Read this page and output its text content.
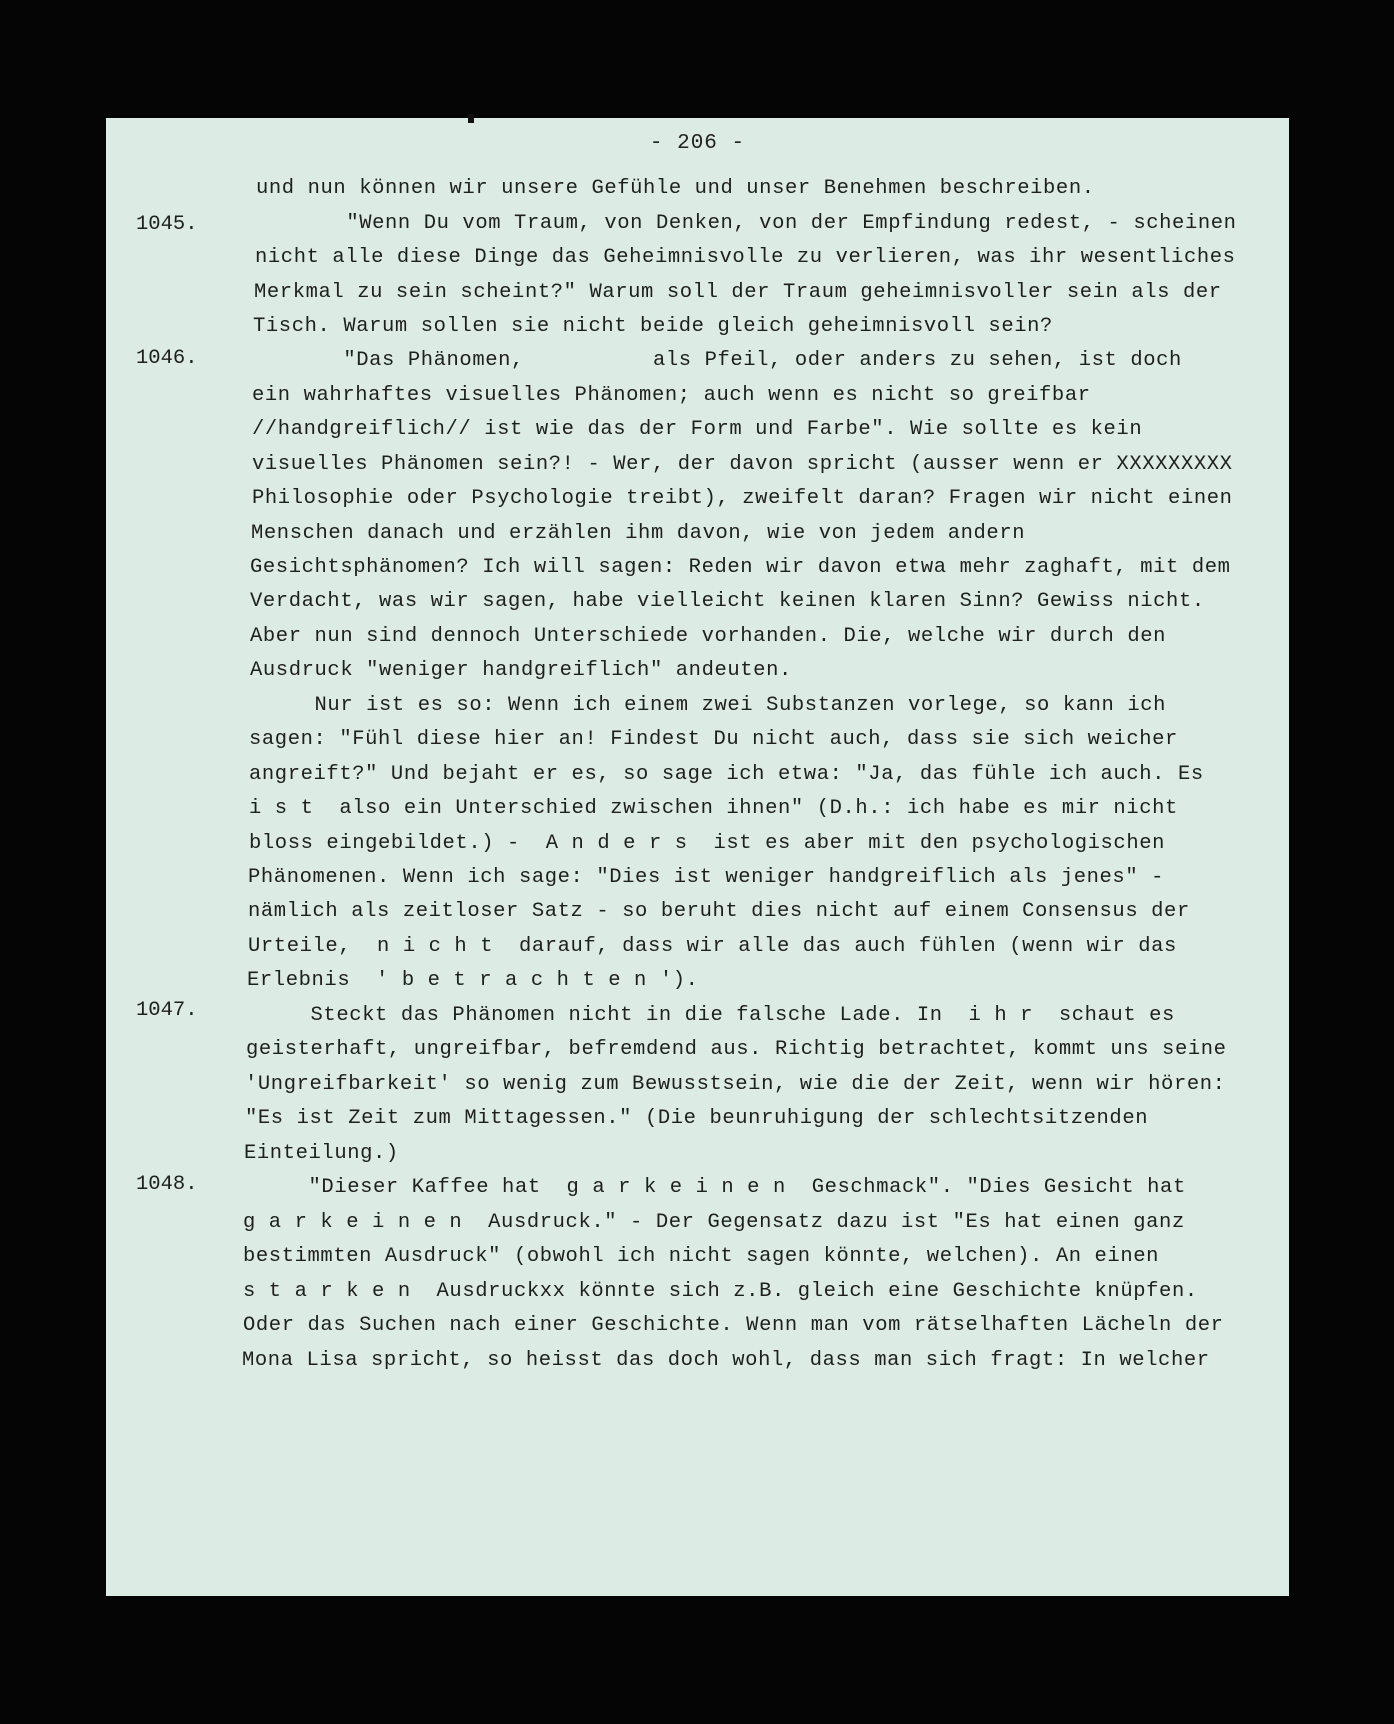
- 206 -
1045.
1046.
1047.
1048.
und nun können wir unsere Gefühle und unser Benehmen beschreiben.
"Wenn Du vom Traum, von Denken, von der Empfindung redest, - scheinen
nicht alle diese Dinge das Geheimnisvolle zu verlieren, was ihr wesentliches
Merkmal zu sein scheint?" Warum soll der Traum geheimnisvoller sein als der
Tisch. Warum sollen sie nicht beide gleich geheimnisvoll sein?
"Das Phänomen,          als Pfeil, oder anders zu sehen, ist doch
ein wahrhaftes visuelles Phänomen; auch wenn es nicht so greifbar
//handgreiflich// ist wie das der Form und Farbe". Wie sollte es kein
visuelles Phänomen sein?! - Wer, der davon spricht (ausser wenn er XXXXXXXXX
Philosophie oder Psychologie treibt), zweifelt daran? Fragen wir nicht einen
Menschen danach und erzählen ihm davon, wie von jedem andern
Gesichtsphänomen? Ich will sagen: Reden wir davon etwa mehr zaghaft, mit dem
Verdacht, was wir sagen, habe vielleicht keinen klaren Sinn? Gewiss nicht.
Aber nun sind dennoch Unterschiede vorhanden. Die, welche wir durch den
Ausdruck "weniger handgreiflich" andeuten.
Nur ist es so: Wenn ich einem zwei Substanzen vorlege, so kann ich
sagen: "Fühl diese hier an! Findest Du nicht auch, dass sie sich weicher
angreift?" Und bejaht er es, so sage ich etwa: "Ja, das fühle ich auch. Es
i s t  also ein Unterschied zwischen ihnen" (D.h.: ich habe es mir nicht
bloss eingebildet.) -  A n d e r s  ist es aber mit den psychologischen
Phänomenen. Wenn ich sage: "Dies ist weniger handgreiflich als jenes" -
nämlich als zeitloser Satz - so beruht dies nicht auf einem Consensus der
Urteile,  n i c h t  darauf, dass wir alle das auch fühlen (wenn wir das
Erlebnis  ' b e t r a c h t e n ').
Steckt das Phänomen nicht in die falsche Lade. In  i h r  schaut es
geisterhaft, ungreifbar, befremdend aus. Richtig betrachtet, kommt uns seine
'Ungreifbarkeit' so wenig zum Bewusstsein, wie die der Zeit, wenn wir hören:
"Es ist Zeit zum Mittagessen." (Die beunruhigung der schlechtsitzenden
Einteilung.)
"Dieser Kaffee hat  g a r k e i n e n  Geschmack". "Dies Gesicht hat
g a r k e i n e n  Ausdruck." - Der Gegensatz dazu ist "Es hat einen ganz
bestimmten Ausdruck" (obwohl ich nicht sagen könnte, welchen). An einen
s t a r k e n  Ausdruckxx könnte sich z.B. gleich eine Geschichte knüpfen.
Oder das Suchen nach einer Geschichte. Wenn man vom rätselhaften Lächeln der
Mona Lisa spricht, so heisst das doch wohl, dass man sich fragt: In welcher
